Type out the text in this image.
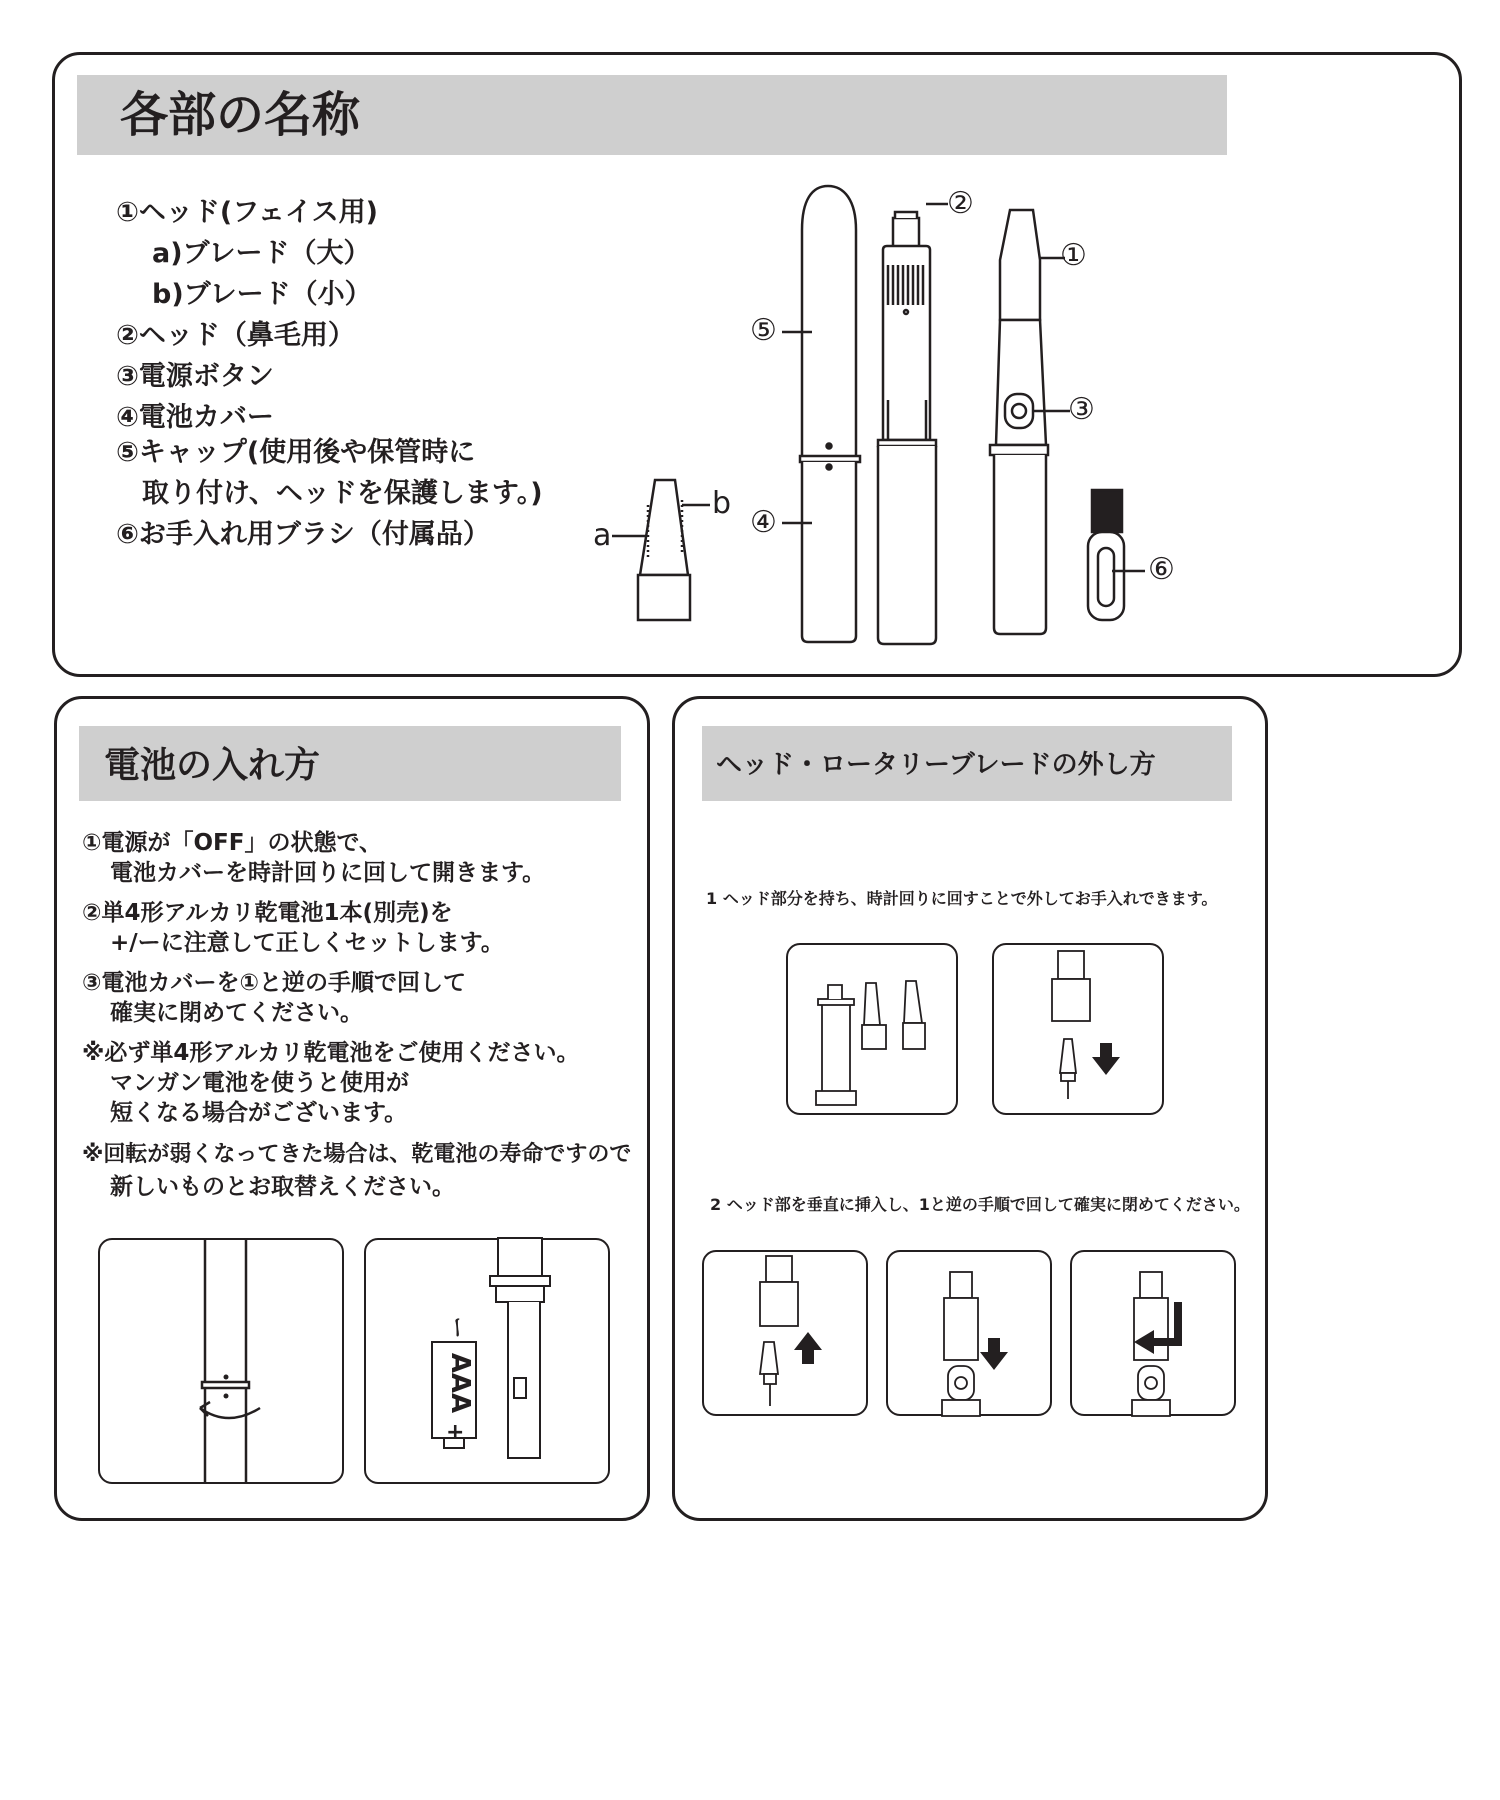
各部の名称
①ヘッド(フェイス用)
a)ブレード（大）
b)ブレード（小）
②ヘッド（鼻毛用）
③電源ボタン
④電池カバー
⑤キャップ(使用後や保管時に
取り付け、ヘッドを保護します。)
⑥お手入れ用ブラシ（付属品）
①
②
③
④
⑤
⑥
a
b
電池の入れ方
①電源が「OFF」の状態で、
電池カバーを時計回りに回して開きます。
②単4形アルカリ乾電池1本(別売)を
+/ーに注意して正しくセットします。
③電池カバーを①と逆の手順で回して
確実に閉めてください。
※必ず単4形アルカリ乾電池をご使用ください。
マンガン電池を使うと使用が
短くなる場合がございます。
※回転が弱くなってきた場合は、乾電池の寿命ですので
新しいものとお取替えください。
ー
AAA
+
ヘッド・ロータリーブレードの外し方
1 ヘッド部分を持ち、時計回りに回すことで外してお手入れできます。
2 ヘッド部を垂直に挿入し、1と逆の手順で回して確実に閉めてください。
